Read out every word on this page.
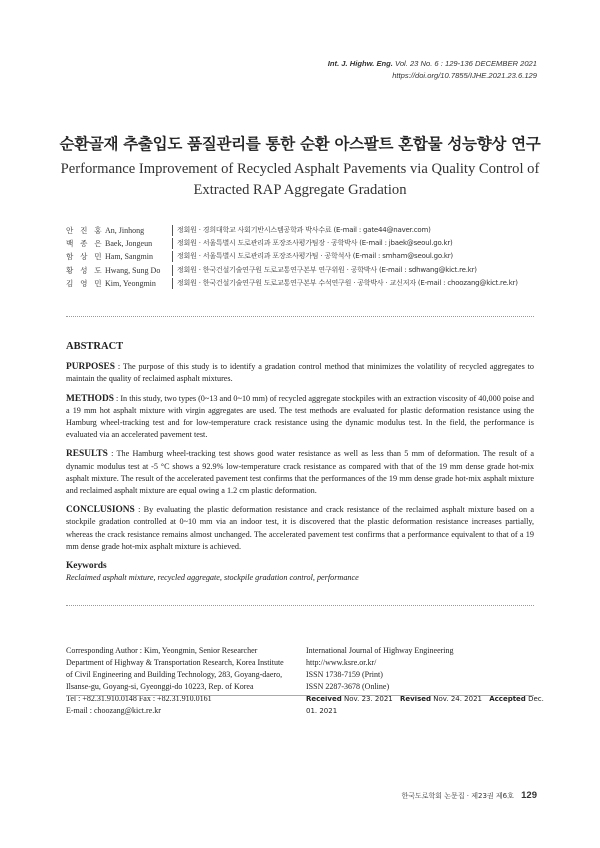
Int. J. Highw. Eng. Vol. 23 No. 6 : 129-136 DECEMBER 2021
https://doi.org/10.7855/IJHE.2021.23.6.129
순환골재 추출입도 품질관리를 통한 순환 아스팔트 혼합물 성능향상 연구
Performance Improvement of Recycled Asphalt Pavements via Quality Control of
Extracted RAP Aggregate Gradation
안 진 홍 An, Jinhong	정회원 · 경희대학교 사회기반시스템공학과 박사수료 (E-mail : gate44@naver.com)
백 종 은 Baek, Jongeun	정회원 · 서울특별시 도로관리과 포장조사평가팀장 · 공학박사 (E-mail : jbaek@seoul.go.kr)
함 상 민 Ham, Sangmin	정회원 · 서울특별시 도로관리과 포장조사평가팀 · 공학석사 (E-mail : smham@seoul.go.kr)
황 성 도 Hwang, Sung Do	정회원 · 한국건설기술연구원 도로교통연구본부 연구위원 · 공학박사 (E-mail : sdhwang@kict.re.kr)
김 영 민 Kim, Yeongmin	정회원 · 한국건설기술연구원 도로교통연구본부 수석연구원 · 공학박사 · 교신저자 (E-mail : choozang@kict.re.kr)
ABSTRACT

PURPOSES : The purpose of this study is to identify a gradation control method that minimizes the volatility of recycled aggregates to maintain the quality of reclaimed asphalt mixtures.

METHODS : In this study, two types (0~13 and 0~10 mm) of recycled aggregate stockpiles with an extraction viscosity of 40,000 poise and a 19 mm hot asphalt mixture with virgin aggregates are used. The test methods are evaluated for plastic deformation resistance using the Hamburg wheel-tracking test and for low-temperature crack resistance using the dynamic modulus test. In the field, the performance is evaluated via an accelerated pavement test.

RESULTS : The Hamburg wheel-tracking test shows good water resistance as well as less than 5 mm of deformation. The result of a dynamic modulus test at -5 °C shows a 92.9% low-temperature crack resistance as compared with that of the 19 mm dense grade hot-mix asphalt mixture. The result of the accelerated pavement test confirms that the performances of the 19 mm dense grade hot-mix asphalt mixture and reclaimed asphalt mixture are equal owing a 1.2 cm plastic deformation.

CONCLUSIONS : By evaluating the plastic deformation resistance and crack resistance of the reclaimed asphalt mixture based on a stockpile gradation controlled at 0~10 mm via an indoor test, it is discovered that the plastic deformation resistance increases partially, whereas the crack resistance remains almost unchanged. The accelerated pavement test confirms that a performance equivalent to that of a 19 mm dense grade hot-mix asphalt mixture is achieved.

Keywords

Reclaimed asphalt mixture, recycled aggregate, stockpile gradation control, performance

Corresponding Author : Kim, Yeongmin, Senior Researcher
Department of Highway & Transportation Research, Korea Institute
of Civil Engineering and Building Technology, 283, Goyang-daero,
Ilsanse-gu, Goyang-si, Gyeonggi-do 10223, Rep. of Korea
Tel : +82.31.910.0148 Fax : +82.31.910.0161
E-mail : choozang@kict.re.kr
International Journal of Highway Engineering
http://www.ksre.or.kr/
ISSN 1738-7159 (Print)
ISSN 2287-3678 (Online)
Received Nov. 23. 2021 Revised Nov. 24. 2021 Accepted Dec. 01. 2021
한국도로학회 논문집 · 제23권 제6호 129
